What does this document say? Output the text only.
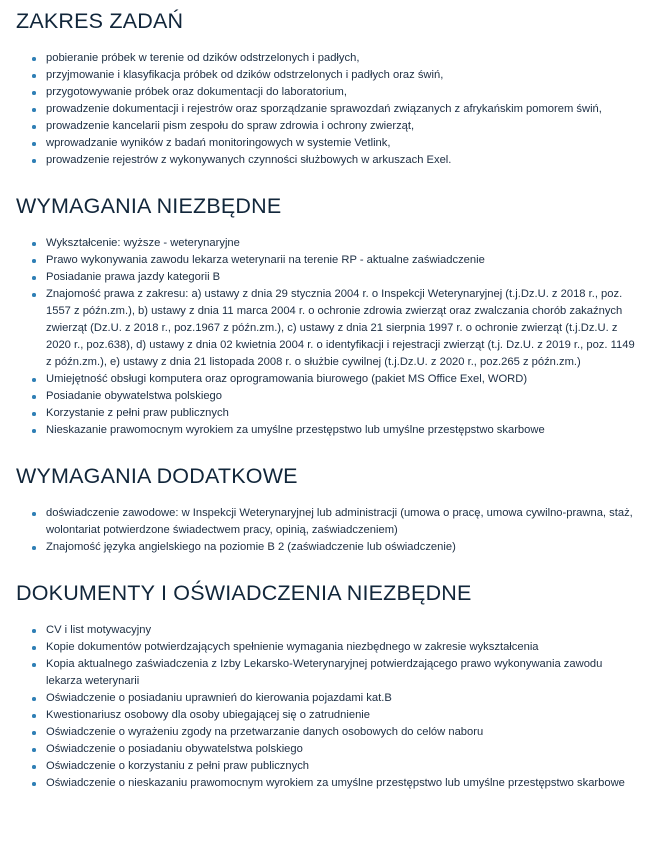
ZAKRES ZADAŃ
pobieranie próbek w terenie od dzików odstrzelonych i padłych,
przyjmowanie i klasyfikacja próbek od dzików odstrzelonych i padłych oraz świń,
przygotowywanie próbek oraz dokumentacji do laboratorium,
prowadzenie dokumentacji i rejestrów oraz sporządzanie sprawozdań związanych z afrykańskim pomorem świń,
prowadzenie kancelarii pism zespołu do spraw zdrowia i ochrony zwierząt,
wprowadzanie wyników z badań monitoringowych w systemie Vetlink,
prowadzenie rejestrów z wykonywanych czynności służbowych w arkuszach Exel.
WYMAGANIA NIEZBĘDNE
Wykształcenie: wyższe - weterynaryjne
Prawo wykonywania zawodu lekarza weterynarii na terenie RP - aktualne zaświadczenie
Posiadanie prawa jazdy kategorii B
Znajomość prawa z zakresu: a) ustawy z dnia 29 stycznia 2004 r. o Inspekcji Weterynaryjnej (t.j.Dz.U. z 2018 r., poz. 1557 z późn.zm.), b) ustawy z dnia 11 marca 2004 r. o ochronie zdrowia zwierząt oraz zwalczania chorób zakaźnych zwierząt (Dz.U. z 2018 r., poz.1967 z późn.zm.), c) ustawy z dnia 21 sierpnia 1997 r. o ochronie zwierząt (t.j.Dz.U. z 2020 r., poz.638), d) ustawy z dnia 02 kwietnia 2004 r. o identyfikacji i rejestracji zwierząt (t.j. Dz.U. z 2019 r., poz. 1149 z późn.zm.), e) ustawy z dnia 21 listopada 2008 r. o służbie cywilnej (t.j.Dz.U. z 2020 r., poz.265 z późn.zm.)
Umiejętność obsługi komputera oraz oprogramowania biurowego (pakiet MS Office Exel, WORD)
Posiadanie obywatelstwa polskiego
Korzystanie z pełni praw publicznych
Nieskazanie prawomocnym wyrokiem za umyślne przestępstwo lub umyślne przestępstwo skarbowe
WYMAGANIA DODATKOWE
doświadczenie zawodowe: w Inspekcji Weterynaryjnej lub administracji (umowa o pracę, umowa cywilno-prawna, staż, wolontariat potwierdzone świadectwem pracy, opinią, zaświadczeniem)
Znajomość języka angielskiego na poziomie B 2 (zaświadczenie lub oświadczenie)
DOKUMENTY I OŚWIADCZENIA NIEZBĘDNE
CV i list motywacyjny
Kopie dokumentów potwierdzających spełnienie wymagania niezbędnego w zakresie wykształcenia
Kopia aktualnego zaświadczenia z Izby Lekarsko-Weterynaryjnej potwierdzającego prawo wykonywania zawodu lekarza weterynarii
Oświadczenie o posiadaniu uprawnień do kierowania pojazdami kat.B
Kwestionariusz osobowy dla osoby ubiegającej się o zatrudnienie
Oświadczenie o wyrażeniu zgody na przetwarzanie danych osobowych do celów naboru
Oświadczenie o posiadaniu obywatelstwa polskiego
Oświadczenie o korzystaniu z pełni praw publicznych
Oświadczenie o nieskazaniu prawomocnym wyrokiem za umyślne przestępstwo lub umyślne przestępstwo skarbowe
